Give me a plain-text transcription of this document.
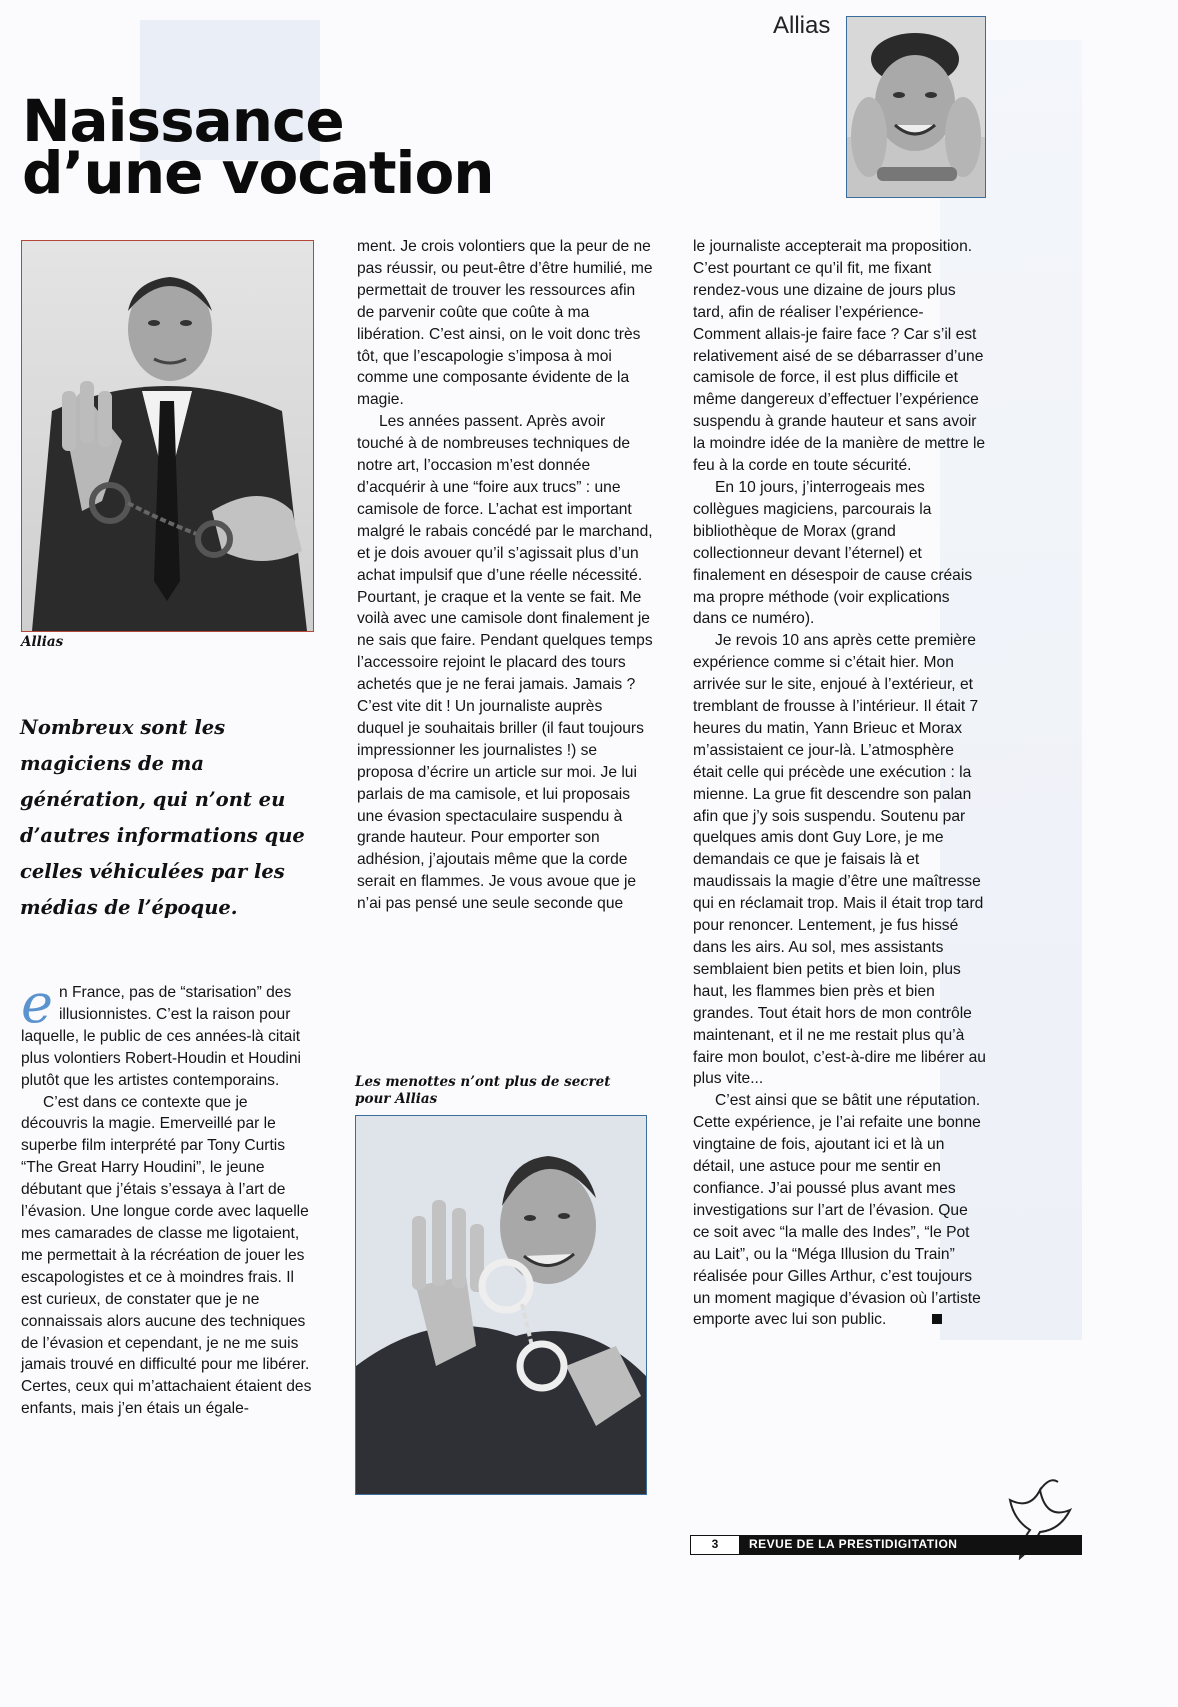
Naissance
d’une vocation
Allias
Allias

Nombreux sont les magiciens de ma génération, qui n’ont eu d’autres informations que celles véhiculées par les médias de l’époque.

en France, pas de “starisation” des illusionnistes. C’est la raison pour laquelle, le public de ces années-là citait plus volontiers Robert-Houdin et Houdini plutôt que les artistes contemporains.

C’est dans ce contexte que je découvris la magie. Emerveillé par le superbe film interprété par Tony Curtis “The Great Harry Houdini”, le jeune débutant que j’étais s’essaya à l’art de l’évasion. Une longue corde avec laquelle mes camarades de classe me ligotaient, me permettait à la récréation de jouer les escapologistes et ce à moindres frais. Il est curieux, de constater que je ne connaissais alors aucune des techniques de l’évasion et cependant, je ne me suis jamais trouvé en difficulté pour me libérer. Certes, ceux qui m’attachaient étaient des enfants, mais j’en étais un égale-

ment. Je crois volontiers que la peur de ne pas réussir, ou peut-être d’être humilié, me permettait de trouver les ressources afin de parvenir coûte que coûte à ma libération. C’est ainsi, on le voit donc très tôt, que l’escapologie s’imposa à moi comme une composante évidente de la magie.

Les années passent. Après avoir touché à de nombreuses techniques de notre art, l’occasion m’est donnée d’acquérir à une “foire aux trucs” : une camisole de force. L’achat est important malgré le rabais concédé par le marchand, et je dois avouer qu’il s’agissait plus d’un achat impulsif que d’une réelle nécessité. Pourtant, je craque et la vente se fait. Me voilà avec une camisole dont finalement je ne sais que faire. Pendant quelques temps l’accessoire rejoint le placard des tours achetés que je ne ferai jamais. Jamais ? C’est vite dit ! Un journaliste auprès duquel je souhaitais briller (il faut toujours impressionner les journalistes !) se proposa d’écrire un article sur moi. Je lui parlais de ma camisole, et lui proposais une évasion spectaculaire suspendu à grande hauteur. Pour emporter son adhésion, j’ajoutais même que la corde serait en flammes. Je vous avoue que je n’ai pas pensé une seule seconde que

Les menottes n’ont plus de secret pour Allias

le journaliste accepterait ma proposition. C’est pourtant ce qu’il fit, me fixant rendez-vous une dizaine de jours plus tard, afin de réaliser l’expérience- Comment allais-je faire face ? Car s’il est relativement aisé de se débarrasser d’une camisole de force, il est plus difficile et même dangereux d’effectuer l’expérience suspendu à grande hauteur et sans avoir la moindre idée de la manière de mettre le feu à la corde en toute sécurité.

En 10 jours, j’interrogeais mes collègues magiciens, parcourais la bibliothèque de Morax (grand collectionneur devant l’éternel) et finalement en désespoir de cause créais ma propre méthode (voir explications dans ce numéro).

Je revois 10 ans après cette première expérience comme si c’était hier. Mon arrivée sur le site, enjoué à l’extérieur, et tremblant de frousse à l’intérieur. Il était 7 heures du matin, Yann Brieuc et Morax m’assistaient ce jour-là. L’atmosphère était celle qui précède une exécution : la mienne. La grue fit descendre son palan afin que j’y sois suspendu. Soutenu par quelques amis dont Guy Lore, je me demandais ce que je faisais là et maudissais la magie d’être une maîtresse qui en réclamait trop. Mais il était trop tard pour renoncer. Lentement, je fus hissé dans les airs. Au sol, mes assistants semblaient bien petits et bien loin, plus haut, les flammes bien près et bien grandes. Tout était hors de mon contrôle maintenant, et il ne me restait plus qu’à faire mon boulot, c’est-à-dire me libérer au plus vite...

C’est ainsi que se bâtit une réputation. Cette expérience, je l’ai refaite une bonne vingtaine de fois, ajoutant ici et là un détail, une astuce pour me sentir en confiance. J’ai poussé plus avant mes investigations sur l’art de l’évasion. Que ce soit avec “la malle des Indes”, “le Pot au Lait”, ou la “Méga Illusion du Train” réalisée pour Gilles Arthur, c’est toujours un moment magique d’évasion où l’artiste emporte avec lui son public.

3	REVUE DE LA PRESTIDIGITATION
